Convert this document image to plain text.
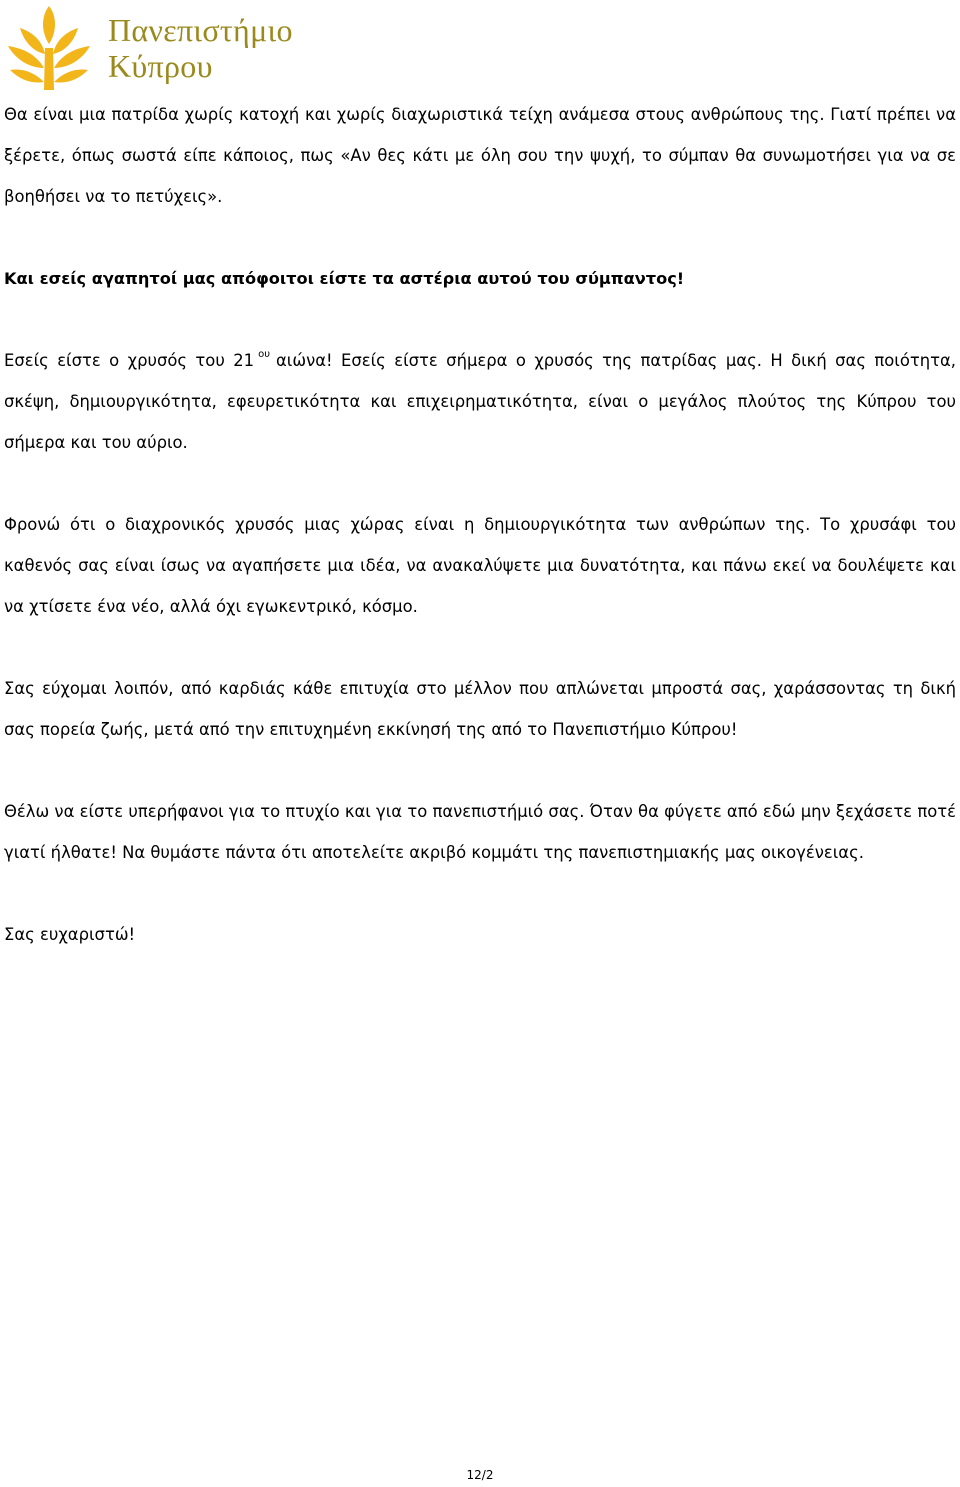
Πανεπιστήμιο
Κύπρου

Θα είναι μια πατρίδα χωρίς κατοχή και χωρίς διαχωριστικά τείχη ανάμεσα στους ανθρώπους της. Γιατί πρέπει να ξέρετε, όπως σωστά είπε κάποιος, πως «Αν θες κάτι με όλη σου την ψυχή, το σύμπαν θα συνωμοτήσει για να σε βοηθήσει να το πετύχεις».

Και εσείς αγαπητοί μας απόφοιτοι είστε τα αστέρια αυτού του σύμπαντος!

Εσείς είστε ο χρυσός του 21 $^{o\upsilon}$ αιώνα! Εσείς είστε σήμερα ο χρυσός της πατρίδας μας. Η δική σας ποιότητα, σκέψη, δημιουργικότητα, εφευρετικότητα και επιχειρηματικότητα, είναι ο μεγάλος πλούτος της Κύπρου του σήμερα και του αύριο.

Φρονώ ότι ο διαχρονικός χρυσός μιας χώρας είναι η δημιουργικότητα των ανθρώπων της. Το χρυσάφι του καθενός σας είναι ίσως να αγαπήσετε μια ιδέα, να ανακαλύψετε μια δυνατότητα, και πάνω εκεί να δουλέψετε και να χτίσετε ένα νέο, αλλά όχι εγωκεντρικό, κόσμο.

Σας εύχομαι λοιπόν, από καρδιάς κάθε επιτυχία στο μέλλον που απλώνεται μπροστά σας, χαράσσοντας τη δική σας πορεία ζωής, μετά από την επιτυχημένη εκκίνησή της από το Πανεπιστήμιο Κύπρου!

Θέλω να είστε υπερήφανοι για το πτυχίο και για το πανεπιστήμιό σας. Όταν θα φύγετε από εδώ μην ξεχάσετε ποτέ γιατί ήλθατε! Να θυμάστε πάντα ότι αποτελείτε ακριβό κομμάτι της πανεπιστημιακής μας οικογένειας.

Σας ευχαριστώ!

12/2
